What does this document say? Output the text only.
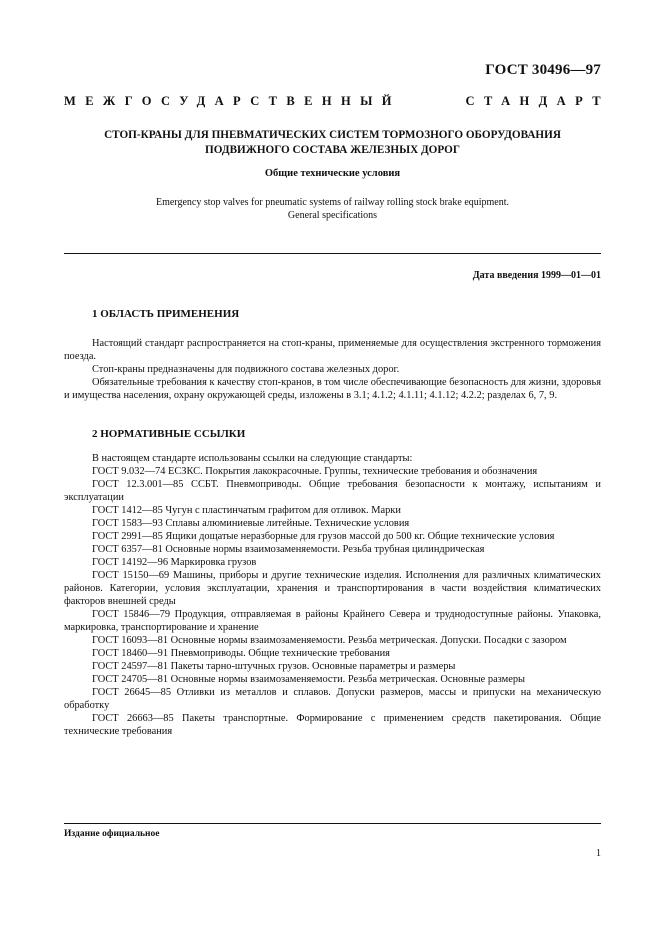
ГОСТ 30496—97
МЕЖГОСУДАРСТВЕННЫЙ	СТАНДАРТ
СТОП-КРАНЫ ДЛЯ ПНЕВМАТИЧЕСКИХ СИСТЕМ ТОРМОЗНОГО ОБОРУДОВАНИЯ
ПОДВИЖНОГО СОСТАВА ЖЕЛЕЗНЫХ ДОРОГ
Общие технические условия
Emergency stop valves for pneumatic systems of railway rolling stock brake equipment.
General specifications
Дата введения 1999—01—01
1 ОБЛАСТЬ ПРИМЕНЕНИЯ

Настоящий стандарт распространяется на стоп-краны, применяемые для осуществления экстренного торможения поезда.

Стоп-краны предназначены для подвижного состава железных дорог.

Обязательные требования к качеству стоп-кранов, в том числе обеспечивающие безопасность для жизни, здоровья и имущества населения, охрану окружающей среды, изложены в 3.1; 4.1.2; 4.1.11; 4.1.12; 4.2.2; разделах 6, 7, 9.

2 НОРМАТИВНЫЕ ССЫЛКИ

В настоящем стандарте использованы ссылки на следующие стандарты:

ГОСТ 9.032—74 ЕСЗКС. Покрытия лакокрасочные. Группы, технические требования и обозначения

ГОСТ 12.3.001—85 ССБТ. Пневмоприводы. Общие требования безопасности к монтажу, испытаниям и эксплуатации

ГОСТ 1412—85 Чугун с пластинчатым графитом для отливок. Марки

ГОСТ 1583—93 Сплавы алюминиевые литейные. Технические условия

ГОСТ 2991—85 Ящики дощатые неразборные для грузов массой до 500 кг. Общие технические условия

ГОСТ 6357—81 Основные нормы взаимозаменяемости. Резьба трубная цилиндрическая

ГОСТ 14192—96 Маркировка грузов

ГОСТ 15150—69 Машины, приборы и другие технические изделия. Исполнения для различных климатических районов. Категории, условия эксплуатации, хранения и транспортирования в части воздействия климатических факторов внешней среды

ГОСТ 15846—79 Продукция, отправляемая в районы Крайнего Севера и труднодоступные районы. Упаковка, маркировка, транспортирование и хранение

ГОСТ 16093—81 Основные нормы взаимозаменяемости. Резьба метрическая. Допуски. Посадки с зазором

ГОСТ 18460—91 Пневмоприводы. Общие технические требования

ГОСТ 24597—81 Пакеты тарно-штучных грузов. Основные параметры и размеры

ГОСТ 24705—81 Основные нормы взаимозаменяемости. Резьба метрическая. Основные размеры

ГОСТ 26645—85 Отливки из металлов и сплавов. Допуски размеров, массы и припуски на механическую обработку

ГОСТ 26663—85 Пакеты транспортные. Формирование с применением средств пакетирования. Общие технические требования

Издание официальное
1
